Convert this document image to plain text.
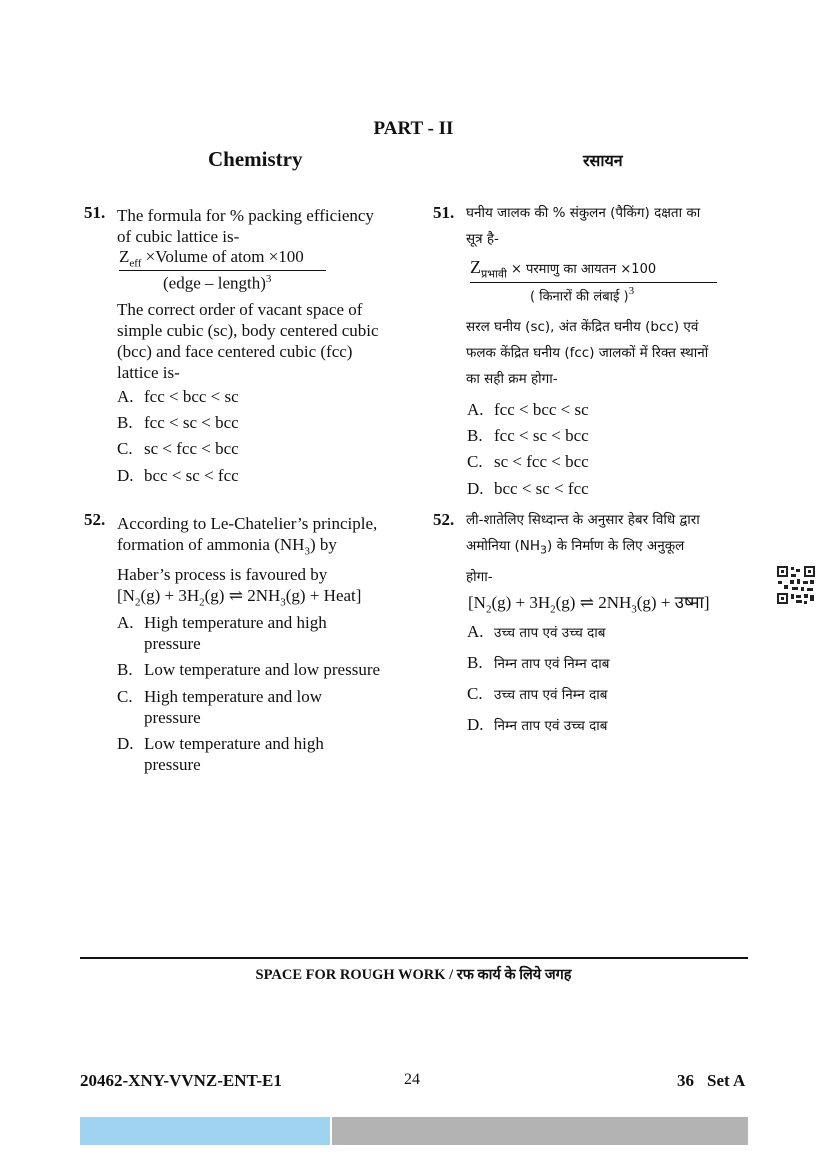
PART - II
Chemistry	रसायन
51. The formula for % packing efficiency
of cubic lattice is-
$Z_{eff}$ ×Volume of atom ×100
(edge – length)$^3$
The correct order of vacant space of
simple cubic (sc), body centered cubic
(bcc) and face centered cubic (fcc)
lattice is-
A. fcc < bcc < sc
B. fcc < sc < bcc
C. sc < fcc < bcc
D. bcc < sc < fcc
51. घनीय जालक की % संकुलन (पैकिंग) दक्षता का
सूत्र है-
$Z_{प्रभावी}$ × परमाणु का आयतन ×100
( किनारों की लंबाई )$^3$
सरल घनीय (sc), अंत केंद्रित घनीय (bcc) एवं
फलक केंद्रित घनीय (fcc) जालकों में रिक्त स्थानों
का सही क्रम होगा-
A. fcc < bcc < sc
B. fcc < sc < bcc
C. sc < fcc < bcc
D. bcc < sc < fcc
52. According to Le-Chatelier’s principle,
formation of ammonia $(NH_3)$ by
Haber’s process is favoured by
[$N_2(g) + 3H_2(g)$ ⇌ $2NH_3(g)$ + Heat]
A. High temperature and high
pressure
B. Low temperature and low pressure
C. High temperature and low
pressure
D. Low temperature and high
pressure
52. ली-शातेलिए सिध्दान्त के अनुसार हेबर विधि द्वारा
अमोनिया $(NH_3)$ के निर्माण के लिए अनुकूल
होगा-
[$N_2(g) + 3H_2(g)$ ⇌ $2NH_3(g)$ + उष्मा]
A. उच्च ताप एवं उच्च दाब
B. निम्न ताप एवं निम्न दाब
C. उच्च ताप एवं निम्न दाब
D. निम्न ताप एवं उच्च दाब
SPACE FOR ROUGH WORK / रफ कार्य के लिये जगह
20462-XNY-VVNZ-ENT-E1	24	36 Set A
